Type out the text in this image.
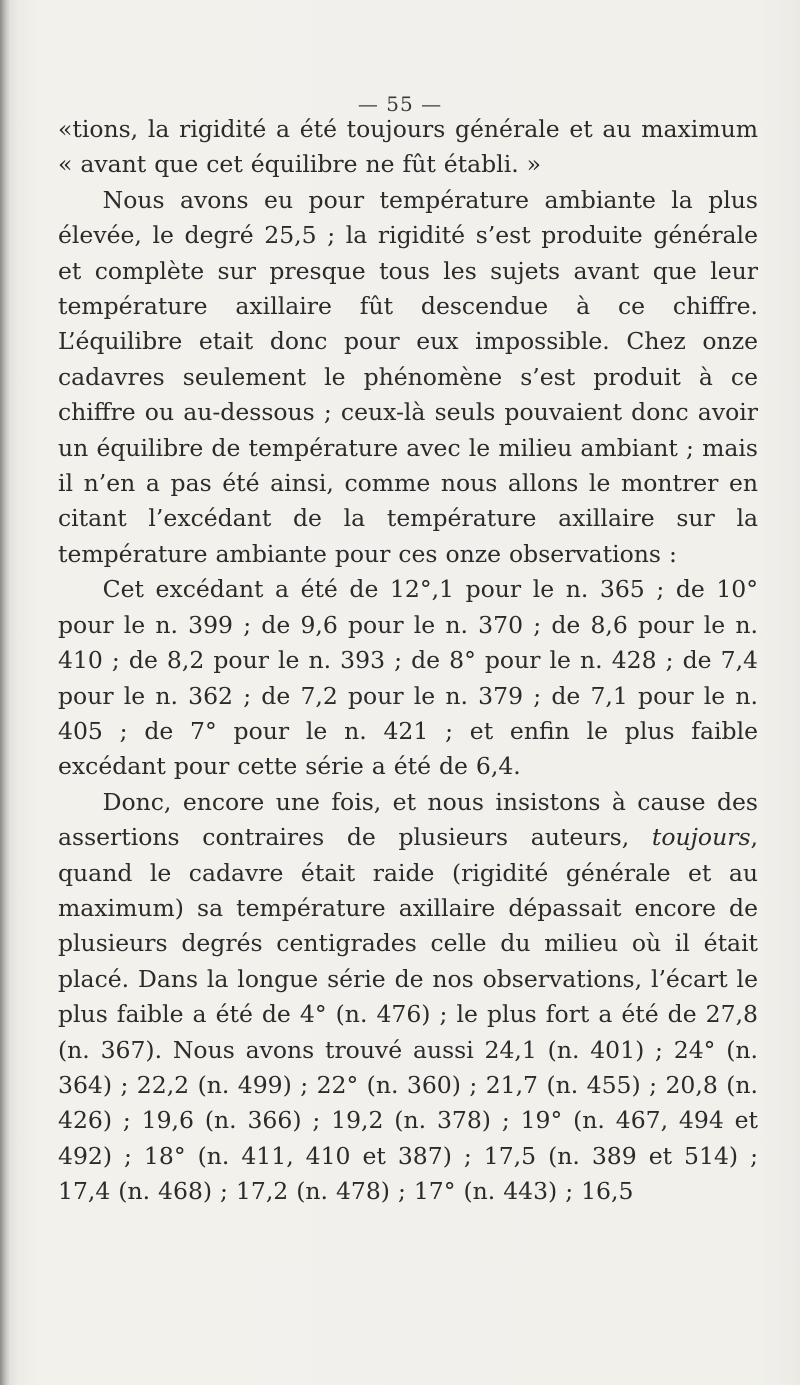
— 55 —

«tions, la rigidité a été toujours générale et au maximum « avant que cet équilibre ne fût établi. »

Nous avons eu pour température ambiante la plus élevée, le degré 25,5 ; la rigidité s’est produite générale et complète sur presque tous les sujets avant que leur température axillaire fût descendue à ce chiffre. L’équilibre etait donc pour eux impossible. Chez onze cadavres seulement le phénomène s’est produit à ce chiffre ou au-dessous ; ceux-là seuls pouvaient donc avoir un équilibre de température avec le milieu ambiant ; mais il n’en a pas été ainsi, comme nous allons le montrer en citant l’excédant de la température axillaire sur la température ambiante pour ces onze observations :

Cet excédant a été de 12°,1 pour le n. 365 ; de 10° pour le n. 399 ; de 9,6 pour le n. 370 ; de 8,6 pour le n. 410 ; de 8,2 pour le n. 393 ; de 8° pour le n. 428 ; de 7,4 pour le n. 362 ; de 7,2 pour le n. 379 ; de 7,1 pour le n. 405 ; de 7° pour le n. 421 ; et enfin le plus faible excédant pour cette série a été de 6,4.

Donc, encore une fois, et nous insistons à cause des assertions contraires de plusieurs auteurs, toujours, quand le cadavre était raide (rigidité générale et au maximum) sa température axillaire dépassait encore de plusieurs degrés centigrades celle du milieu où il était placé. Dans la longue série de nos observations, l’écart le plus faible a été de 4° (n. 476) ; le plus fort a été de 27,8 (n. 367). Nous avons trouvé aussi 24,1 (n. 401) ; 24° (n. 364) ; 22,2 (n. 499) ; 22° (n. 360) ; 21,7 (n. 455) ; 20,8 (n. 426) ; 19,6 (n. 366) ; 19,2 (n. 378) ; 19° (n. 467, 494 et 492) ; 18° (n. 411, 410 et 387) ; 17,5 (n. 389 et 514) ; 17,4 (n. 468) ; 17,2 (n. 478) ; 17° (n. 443) ; 16,5
